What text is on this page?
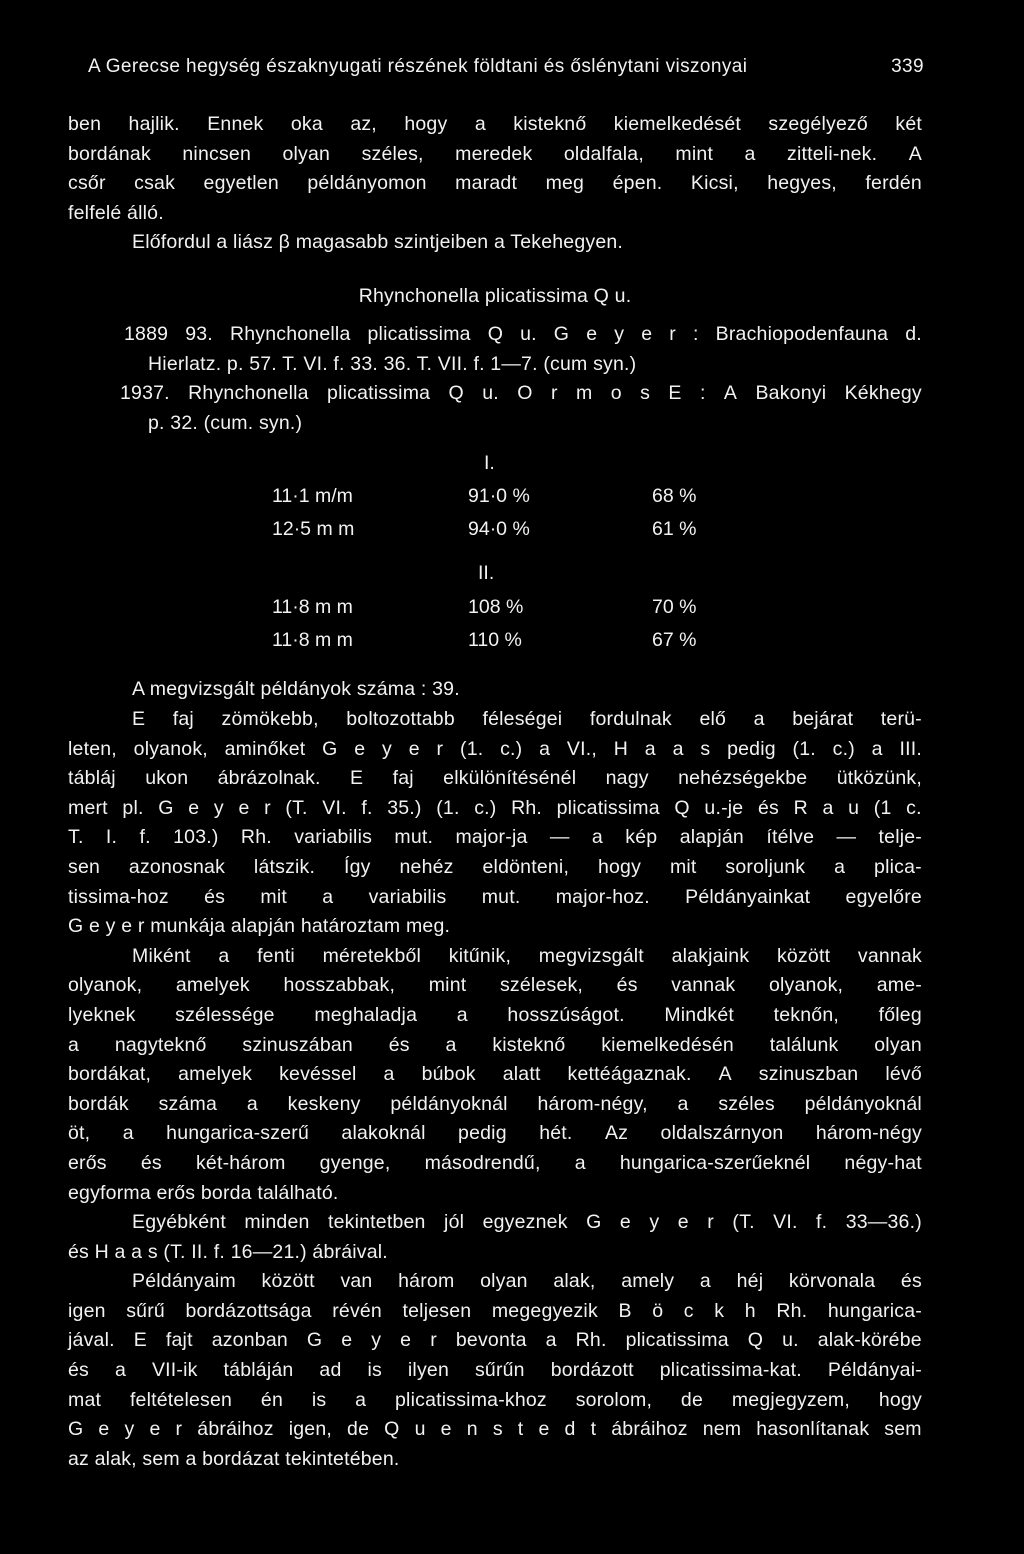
A Gerecse hegység északnyugati részének földtani és őslénytani viszonyai	339
ben hajlik. Ennek oka az, hogy a kisteknő kiemelkedését szegélyező két
bordának nincsen olyan széles, meredek oldalfala, mint a zitteli-nek. A
csőr csak egyetlen példányomon maradt meg épen. Kicsi, hegyes, ferdén
felfelé álló.
Előfordul a liász β magasabb szintjeiben a Tekehegyen.
Rhynchonella plicatissima Q u.
1889 93. Rhynchonella plicatissima Q u. G e y e r : Brachiopodenfauna d.
Hierlatz. p. 57. T. VI. f. 33. 36. T. VII. f. 1—7. (cum syn.)
1937. Rhynchonella plicatissima Q u. O r m o s E : A Bakonyi Kékhegy
p. 32. (cum. syn.)
I.
11·1 m/m	91·0 %	68 %
12·5 m m	94·0 %	61 %
II.
11·8 m m	108 %	70 %
11·8 m m	110 %	67 %
A megvizsgált példányok száma : 39.
E faj zömökebb, boltozottabb féleségei fordulnak elő a bejárat terü-
leten, olyanok, aminőket G e y e r (1. c.) a VI., H a a s pedig (1. c.) a III.
tábláj ukon ábrázolnak. E faj elkülönítésénél nagy nehézségekbe ütközünk,
mert pl. G e y e r (T. VI. f. 35.) (1. c.) Rh. plicatissima Q u.-je és R a u (1 c.
T. I. f. 103.) Rh. variabilis mut. major-ja — a kép alapján ítélve — telje-
sen azonosnak látszik. Így nehéz eldönteni, hogy mit soroljunk a plica-
tissima-hoz és mit a variabilis mut. major-hoz. Példányainkat egyelőre
G e y e r munkája alapján határoztam meg.
Miként a fenti méretekből kitűnik, megvizsgált alakjaink között vannak
olyanok, amelyek hosszabbak, mint szélesek, és vannak olyanok, ame-
lyeknek szélessége meghaladja a hosszúságot. Mindkét teknőn, főleg
a nagyteknő szinuszában és a kisteknő kiemelkedésén találunk olyan
bordákat, amelyek kevéssel a búbok alatt kettéágaznak. A szinuszban lévő
bordák száma a keskeny példányoknál három-négy, a széles példányoknál
öt, a hungarica-szerű alakoknál pedig hét. Az oldalszárnyon három-négy
erős és két-három gyenge, másodrendű, a hungarica-szerűeknél négy-hat
egyforma erős borda található.
Egyébként minden tekintetben jól egyeznek G e y e r (T. VI. f. 33—36.)
és H a a s (T. II. f. 16—21.) ábráival.
Példányaim között van három olyan alak, amely a héj körvonala és
igen sűrű bordázottsága révén teljesen megegyezik B ö c k h Rh. hungarica-
jával. E fajt azonban G e y e r bevonta a Rh. plicatissima Q u. alak-körébe
és a VII-ik tábláján ad is ilyen sűrűn bordázott plicatissima-kat. Példányai-
mat feltételesen én is a plicatissima-khoz sorolom, de megjegyzem, hogy
G e y e r ábráihoz igen, de Q u e n s t e d t ábráihoz nem hasonlítanak sem
az alak, sem a bordázat tekintetében.
